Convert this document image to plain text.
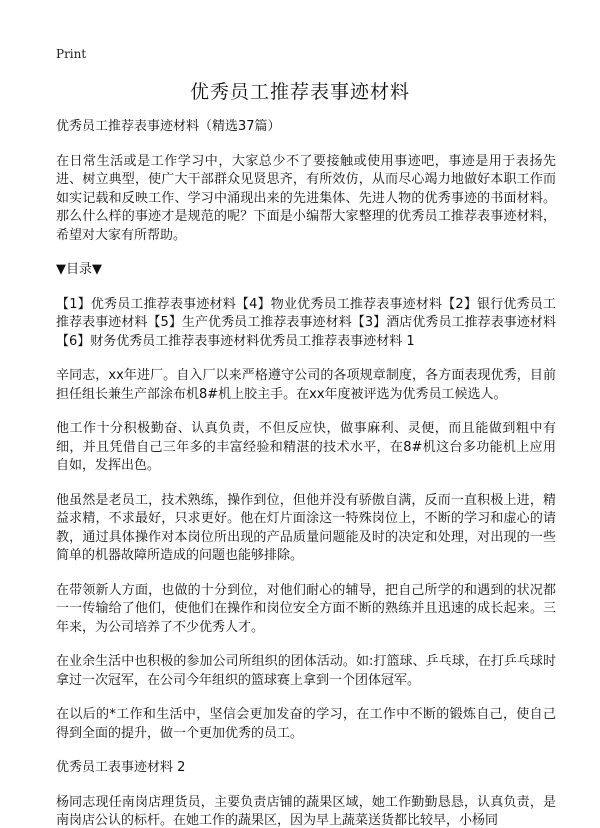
Print
优秀员工推荐表事迹材料

优秀员工推荐表事迹材料（精选37篇）

在日常生活或是工作学习中，大家总少不了要接触或使用事迹吧，事迹是用于表扬先进、树立典型，使广大干部群众见贤思齐，有所效仿，从而尽心竭力地做好本职工作而如实记载和反映工作、学习中涌现出来的先进集体、先进人物的优秀事迹的书面材料。那么什么样的事迹才是规范的呢？下面是小编帮大家整理的优秀员工推荐表事迹材料，希望对大家有所帮助。

▼目录▼

【1】优秀员工推荐表事迹材料【4】物业优秀员工推荐表事迹材料【2】银行优秀员工推荐表事迹材料【5】生产优秀员工推荐表事迹材料【3】酒店优秀员工推荐表事迹材料【6】财务优秀员工推荐表事迹材料优秀员工推荐表事迹材料 1

辛同志，xx年进厂。自入厂以来严格遵守公司的各项规章制度，各方面表现优秀，目前担任组长兼生产部涂布机8#机上胶主手。在xx年度被评选为优秀员工候选人。

他工作十分积极勤奋、认真负责，不但反应快，做事麻利、灵便，而且能做到粗中有细，并且凭借自己三年多的丰富经验和精湛的技术水平，在8#机这台多功能机上应用自如，发挥出色。

他虽然是老员工，技术熟练，操作到位，但他并没有骄傲自满，反而一直积极上进，精益求精，不求最好，只求更好。他在灯片面涂这一特殊岗位上，不断的学习和虚心的请教，通过具体操作对本岗位所出现的产品质量问题能及时的决定和处理，对出现的一些简单的机器故障所造成的问题也能够排除。

在带领新人方面，也做的十分到位，对他们耐心的辅导，把自己所学的和遇到的状况都一一传输给了他们，使他们在操作和岗位安全方面不断的熟练并且迅速的成长起来。三年来，为公司培养了不少优秀人才。

在业余生活中也积极的参加公司所组织的团体活动。如:打篮球、乒乓球，在打乒乓球时拿过一次冠军，在公司今年组织的篮球赛上拿到一个团体冠军。

在以后的*工作和生活中，坚信会更加发奋的学习，在工作中不断的锻炼自己，使自己得到全面的提升，做一个更加优秀的员工。

优秀员工表事迹材料 2

杨同志现任南岗店理货员，主要负责店铺的蔬果区域，她工作勤勤恳恳，认真负责，是南岗店公认的标杆。在她工作的蔬果区，因为早上蔬菜送货都比较早，小杨同
